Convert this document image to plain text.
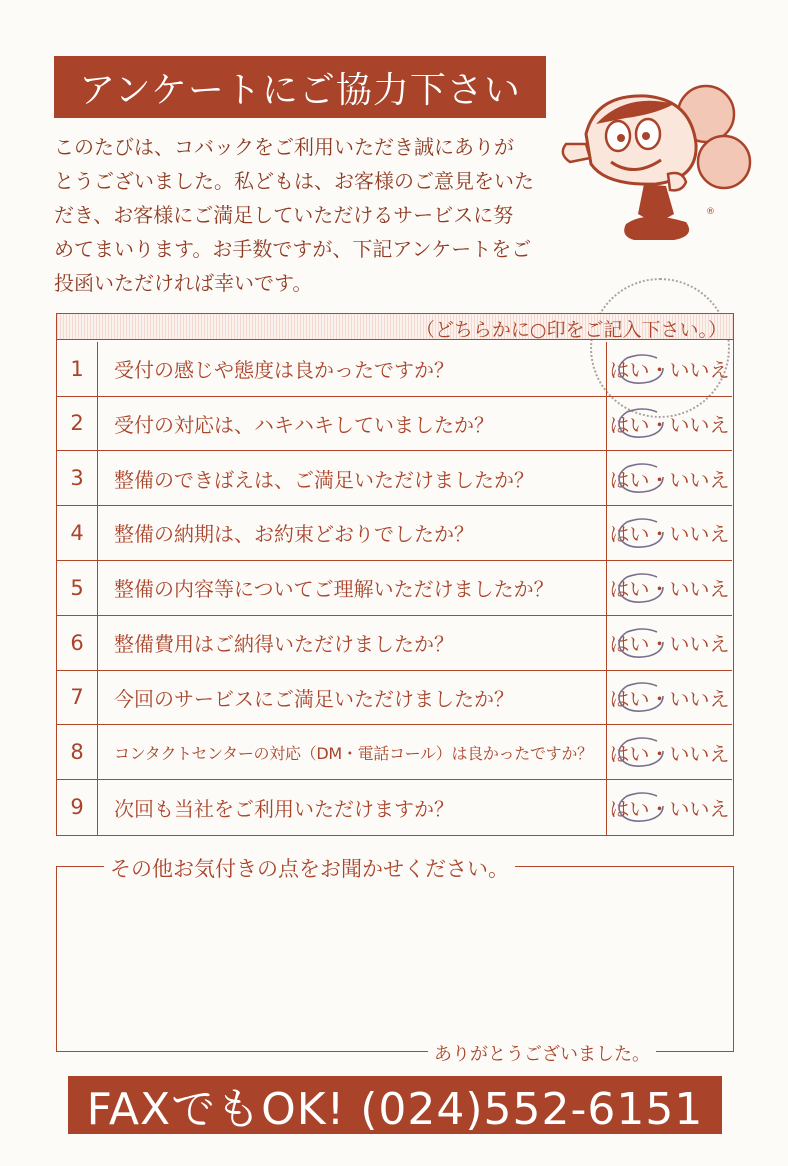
アンケートにご協力下さい
このたびは、コバックをご利用いただき誠にありが
とうございました。私どもは、お客様のご意見をいた
だき、お客様にご満足していただけるサービスに努
めてまいります。お手数ですが、下記アンケートをご
投函いただければ幸いです。
®
（どちらかに○印をご記入下さい。）
1	受付の感じや態度は良かったですか？	はい・いいえ
2	受付の対応は、ハキハキしていましたか？	はい・いいえ
3	整備のできばえは、ご満足いただけましたか？	はい・いいえ
4	整備の納期は、お約束どおりでしたか？	はい・いいえ
5	整備の内容等についてご理解いただけましたか？	はい・いいえ
6	整備費用はご納得いただけましたか？	はい・いいえ
7	今回のサービスにご満足いただけましたか？	はい・いいえ
8	コンタクトセンターの対応（DM・電話コール）は良かったですか？ はい・いいえ
9	次回も当社をご利用いただけますか？	はい・いいえ
その他お気付きの点をお聞かせください。
ありがとうございました。
FAXでもOK! (024)552-6151
